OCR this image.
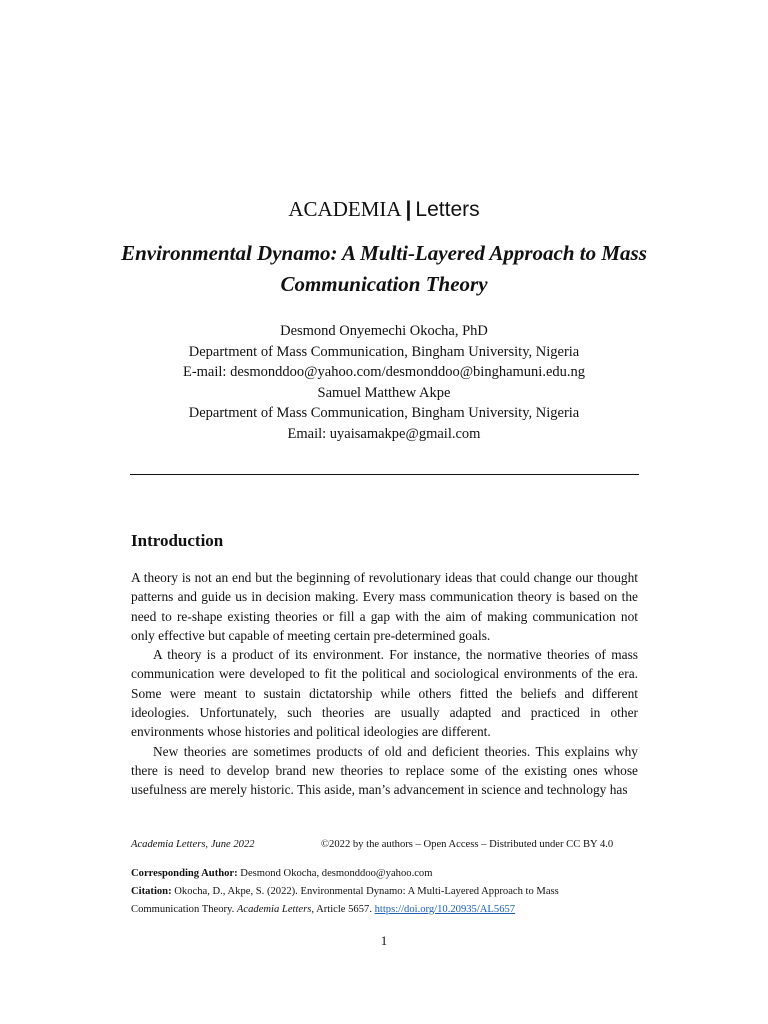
ACADEMIA | Letters
Environmental Dynamo: A Multi-Layered Approach to Mass Communication Theory
Desmond Onyemechi Okocha, PhD
Department of Mass Communication, Bingham University, Nigeria
E-mail: desmonddoo@yahoo.com/desmonddoo@binghamuni.edu.ng
Samuel Matthew Akpe
Department of Mass Communication, Bingham University, Nigeria
Email: uyaisamakpe@gmail.com
Introduction

A theory is not an end but the beginning of revolutionary ideas that could change our thought patterns and guide us in decision making. Every mass communication theory is based on the need to re-shape existing theories or fill a gap with the aim of making communication not only effective but capable of meeting certain pre-determined goals.

A theory is a product of its environment. For instance, the normative theories of mass communication were developed to fit the political and sociological environments of the era. Some were meant to sustain dictatorship while others fitted the beliefs and different ideologies. Unfortunately, such theories are usually adapted and practiced in other environments whose histories and political ideologies are different.

New theories are sometimes products of old and deficient theories. This explains why there is need to develop brand new theories to replace some of the existing ones whose usefulness are merely historic. This aside, man’s advancement in science and technology has

Academia Letters, June 2022	©2022 by the authors – Open Access – Distributed under CC BY 4.0
Corresponding Author: Desmond Okocha, desmonddoo@yahoo.com
Citation: Okocha, D., Akpe, S. (2022). Environmental Dynamo: A Multi-Layered Approach to Mass
Communication Theory. Academia Letters, Article 5657. https://doi.org/10.20935/AL5657
1
